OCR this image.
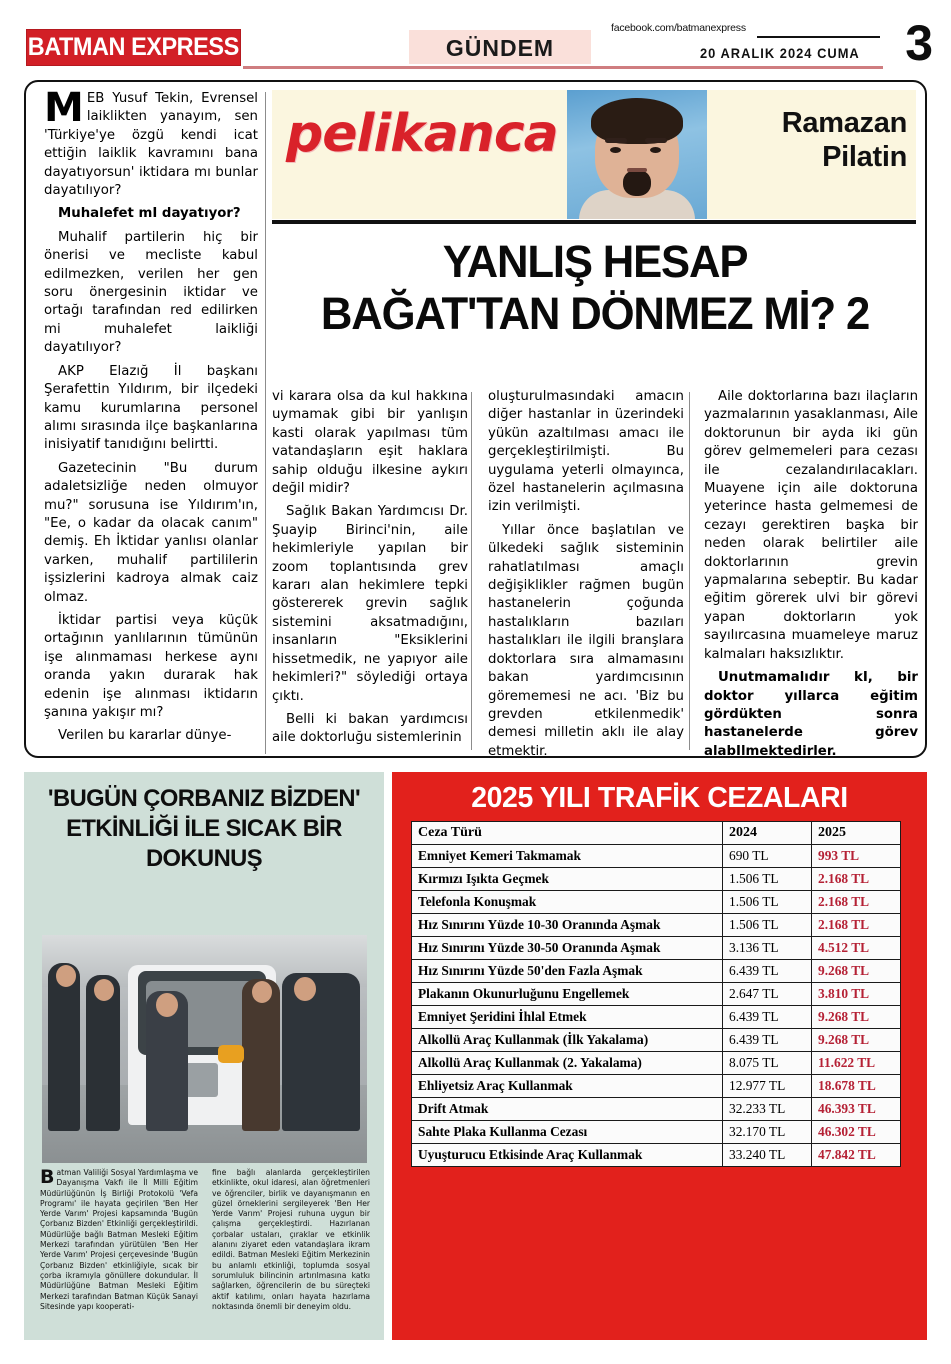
BATMAN EXPRESS	GÜNDEM
facebook.com/batmanexpress
20 ARALIK 2024 CUMA 3

MEB Yusuf Tekin, Evrensel laiklikten yanayım, sen 'Türkiye'ye özgü kendi icat ettiğin laiklik kavramını bana dayatıyorsun' iktidara mı bunlar dayatılıyor?

Muhalefet mI dayatıyor?

Muhalif partilerin hiç bir önerisi ve mecliste kabul edilmezken, verilen her gen soru önergesinin iktidar ve ortağı tarafından red edilirken mi muhalefet laikliği dayatılıyor?

AKP Elazığ İl başkanı Şerafettin Yıldırım, bir ilçedeki kamu kurumlarına personel alımı sırasında ilçe başkanlarına inisiyatif tanıdığını belirtti.

Gazetecinin "Bu durum adaletsizliğe neden olmuyor mu?" sorusuna ise Yıldırım'ın, "Ee, o kadar da olacak canım" demiş. Eh İktidar yanlısı olanlar varken, muhalif partililerin işsizlerini kadroya almak caiz olmaz.

İktidar partisi veya küçük ortağının yanlılarının tümünün işe alınmaması herkese aynı oranda yakın durarak hak edenin işe alınması iktidarın şanına yakışır mı?

Verilen bu kararlar dünye-

pelikanca	Ramazan
Pilatin
YANLIŞ HESAP
BAĞAT'TAN DÖNMEZ Mİ? 2

vi karara olsa da kul hakkına uymamak gibi bir yanlışın kasti olarak yapılması tüm vatandaşların eşit haklara sahip olduğu ilkesine aykırı değil midir?

Sağlık Bakan Yardımcısı Dr. Şuayip Birinci'nin, aile hekimleriyle yapılan bir zoom toplantısında grev kararı alan hekimlere tepki göstererek grevin sağlık sistemini aksatmadığını, insanların "Eksiklerini hissetmedik, ne yapıyor aile hekimleri?" söylediği ortaya çıktı.

Belli ki bakan yardımcısı aile doktorluğu sistemlerinin

oluşturulmasındaki amacın diğer hastanlar in üzerindeki yükün azaltılması amacı ile gerçekleştirilmişti. Bu uygulama yeterli olmayınca, özel hastanelerin açılmasına izin verilmişti.

Yıllar önce başlatılan ve ülkedeki sağlık sisteminin rahatlatılması amaçlı değişiklikler rağmen bugün hastanelerin çoğunda hastalıkların bazıları hastalıkları ile ilgili branşlara doktorlara sıra almamasını bakan yardımcısının görememesi ne acı. 'Biz bu grevden etkilenmedik' demesi milletin aklı ile alay etmektir.

Aile doktorlarına bazı ilaçların yazmalarının yasaklanması, Aile doktorunun bir ayda iki gün görev gelmemeleri para cezası ile cezalandırılacakları. Muayene için aile doktoruna yeterince hasta gelmemesi de cezayı gerektiren başka bir neden olarak belirtiler aile doktorlarının grevin yapmalarına sebeptir. Bu kadar eğitim görerek ulvi bir görevi yapan doktorların yok sayılırcasına muameleye maruz kalmaları haksızlıktır.

Unutmamalıdır kI, bir doktor yıllarca eğitim gördükten sonra hastanelerde görev alabIlmektedirler.

'BUGÜN ÇORBANIZ BİZDEN' ETKİNLİĞİ İLE SICAK BİR DOKUNUŞ

Batman Valiliği Sosyal Yardımlaşma ve Dayanışma Vakfı ile İl Milli Eğitim Müdürlüğünün İş Birliği Protokolü 'Vefa Programı' ile hayata geçirilen 'Ben Her Yerde Varım' Projesi kapsamında 'Bugün Çorbanız Bizden' Etkinliği gerçekleştirildi. Müdürlüğe bağlı Batman Mesleki Eğitim Merkezi tarafından yürütülen 'Ben Her Yerde Varım' Projesi çerçevesinde 'Bugün Çorbanız Bizden' etkinliğiyle, sıcak bir çorba ikramıyla gönüllere dokundular. İl Müdürlüğüne Batman Mesleki Eğitim Merkezi tarafından Batman Küçük Sanayi Sitesinde yapı kooperati-

fine bağlı alanlarda gerçekleştirilen etkinlikte, okul idaresi, alan öğretmenleri ve öğrenciler, birlik ve dayanışmanın en güzel örneklerini sergileyerek 'Ben Her Yerde Varım' Projesi ruhuna uygun bir çalışma gerçekleştirdi. Hazırlanan çorbalar ustaları, çıraklar ve etkinlik alanını ziyaret eden vatandaşlara ikram edildi. Batman Mesleki Eğitim Merkezinin bu anlamlı etkinliği, toplumda sosyal sorumluluk bilincinin artırılmasına katkı sağlarken, öğrencilerin de bu süreçteki aktif katılımı, onları hayata hazırlama noktasında önemli bir deneyim oldu.

2025 YILI TRAFİK CEZALARI
Ceza Türü	2024	2025
Emniyet Kemeri Takmamak	690 TL	993 TL
Kırmızı Işıkta Geçmek	1.506 TL	2.168 TL
Telefonla Konuşmak	1.506 TL	2.168 TL
Hız Sınırını Yüzde 10-30 Oranında Aşmak	1.506 TL	2.168 TL
Hız Sınırını Yüzde 30-50 Oranında Aşmak	3.136 TL	4.512 TL
Hız Sınırını Yüzde 50'den Fazla Aşmak	6.439 TL	9.268 TL
Plakanın Okunurluğunu Engellemek	2.647 TL	3.810 TL
Emniyet Şeridini İhlal Etmek	6.439 TL	9.268 TL
Alkollü Araç Kullanmak (İlk Yakalama)	6.439 TL	9.268 TL
Alkollü Araç Kullanmak (2. Yakalama)	8.075 TL	11.622 TL
Ehliyetsiz Araç Kullanmak	12.977 TL	18.678 TL
Drift Atmak	32.233 TL	46.393 TL
Sahte Plaka Kullanma Cezası	32.170 TL	46.302 TL
Uyuşturucu Etkisinde Araç Kullanmak	33.240 TL	47.842 TL
